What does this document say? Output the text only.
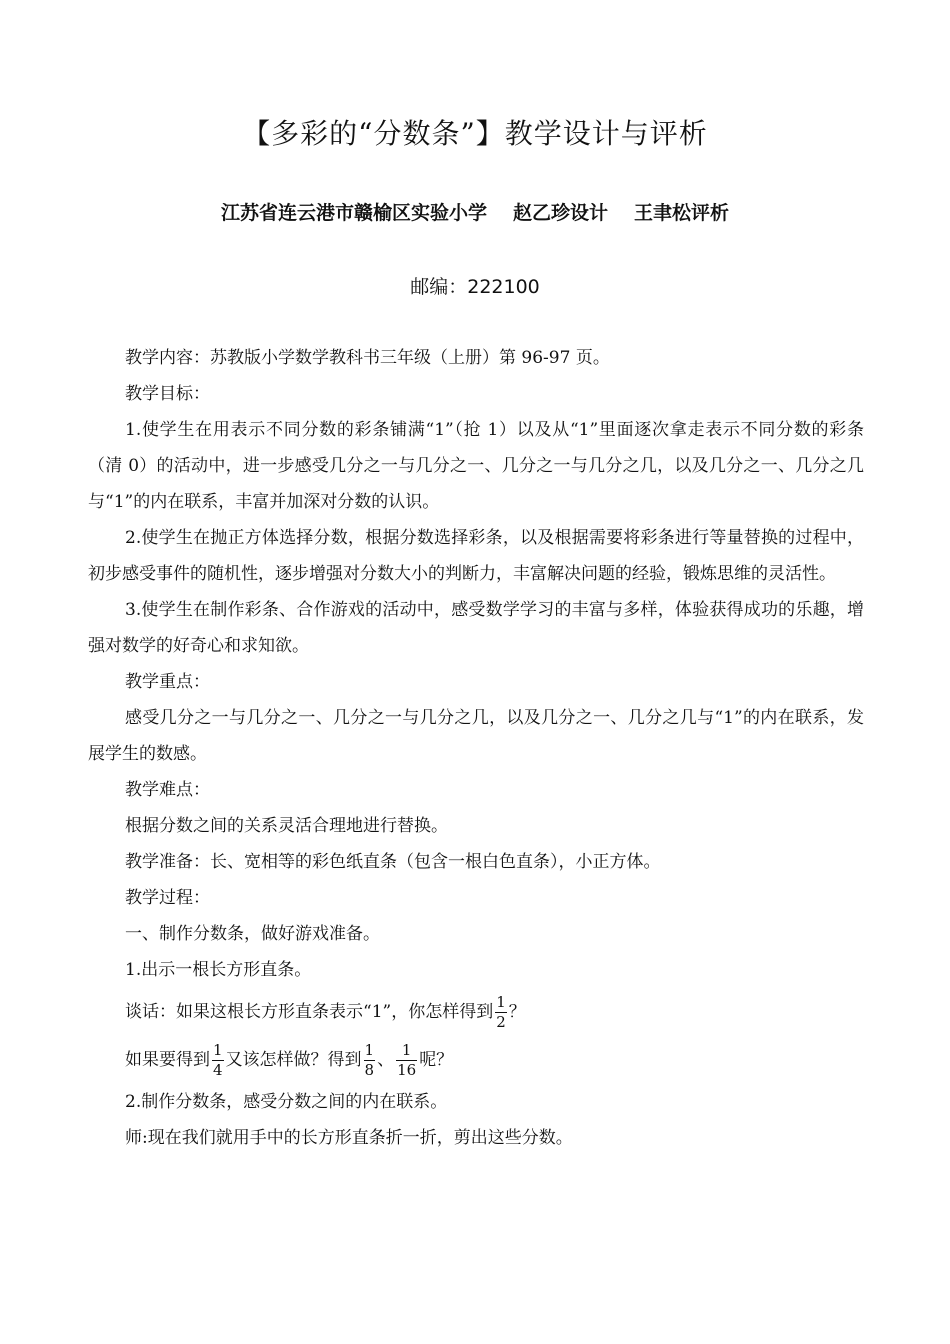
【多彩的“分数条”】教学设计与评析
江苏省连云港市赣榆区实验小学 赵乙珍设计 王聿松评析
邮编：222100

教学内容：苏教版小学数学教科书三年级（上册）第 96-97 页。

教学目标：

1.使学生在用表示不同分数的彩条铺满“1”（抢 1）以及从“1”里面逐次拿走表示不同分数的彩条（清 0）的活动中，进一步感受几分之一与几分之一、几分之一与几分之几，以及几分之一、几分之几与“1”的内在联系，丰富并加深对分数的认识。

2.使学生在抛正方体选择分数，根据分数选择彩条，以及根据需要将彩条进行等量替换的过程中，初步感受事件的随机性，逐步增强对分数大小的判断力，丰富解决问题的经验，锻炼思维的灵活性。

3.使学生在制作彩条、合作游戏的活动中，感受数学学习的丰富与多样，体验获得成功的乐趣，增强对数学的好奇心和求知欲。

教学重点：

感受几分之一与几分之一、几分之一与几分之几，以及几分之一、几分之几与“1”的内在联系，发展学生的数感。

教学难点：

根据分数之间的关系灵活合理地进行替换。

教学准备：长、宽相等的彩色纸直条（包含一根白色直条），小正方体。

教学过程：

一、制作分数条，做好游戏准备。

1.出示一根长方形直条。

谈话：如果这根长方形直条表示“1”，你怎样得到 $\frac{1}{2}$ ？

如果要得到 $\frac{1}{4}$ 又该怎样做？得到 $\frac{1}{8}$ 、 $\frac{1}{16}$ 呢？

2.制作分数条，感受分数之间的内在联系。

师:现在我们就用手中的长方形直条折一折，剪出这些分数。
